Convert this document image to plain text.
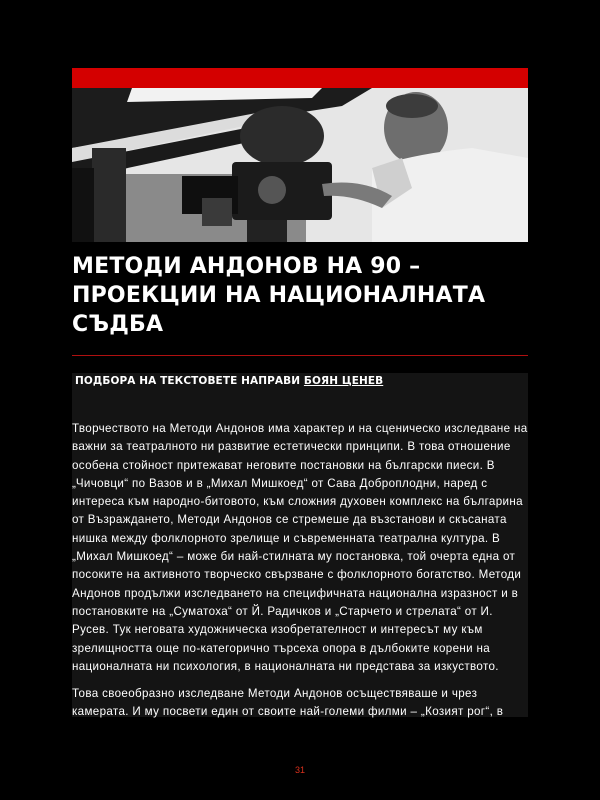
МЕТОДИ АНДОНОВ НА 90 – ПРОЕКЦИИ НА НАЦИОНАЛНАТА СЪДБА

ПОДБОРА НА ТЕКСТОВЕТЕ НАПРАВИ БОЯН ЦЕНЕВ

Творчеството на Методи Андонов има характер и на сценическо изследване на важни за театралното ни развитие естетически принципи. В това отношение особена стойност притежават неговите постановки на български пиеси. В „Чичовци“ по Вазов и в „Михал Мишкоед“ от Сава Доброплодни, наред с интереса към народно-битовото, към сложния духовен комплекс на българина от Възраждането, Методи Андонов се стремеше да възстанови и скъсаната нишка между фолклорното зрелище и съвременната театрална култура. В „Михал Мишкоед“ – може би най-стилната му постановка, той очерта една от посоките на активното творческо свързване с фолклорното богатство. Методи Андонов продължи изследването на специфичната национална изразност и в постановките на „Суматоха“ от Й. Радичков и „Старчето и стрелата“ от И. Русев. Тук неговата художническа изобретателност и интересът му към зрелищността още по-категорично търсеха опора в дълбоките корени на националната ни психология, в националната ни представа за изкуството.

Това своеобразно изследване Методи Андонов осъществяваше и чрез камерата. И му посвети един от своите най-големи филми – „Козият рог“, в

31
